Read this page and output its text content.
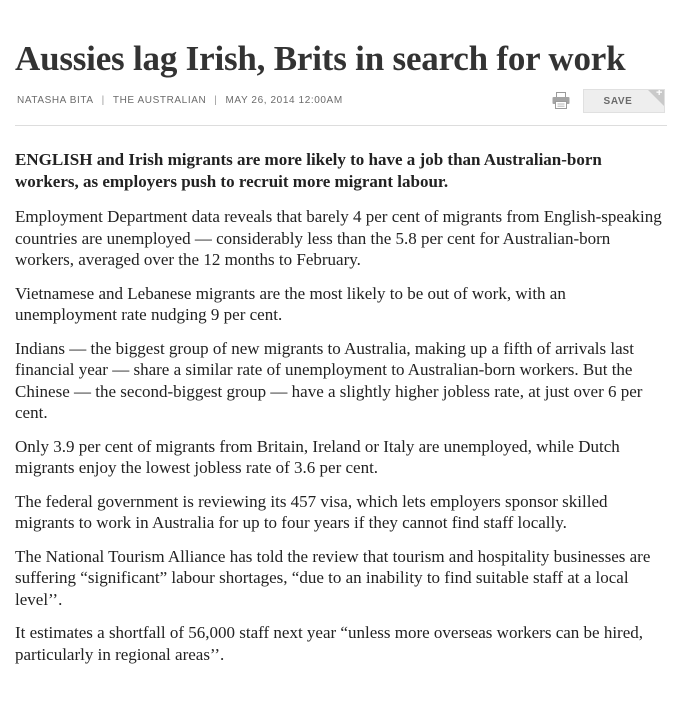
Aussies lag Irish, Brits in search for work
NATASHA BITA | THE AUSTRALIAN | MAY 26, 2014 12:00AM	SAVE
+

ENGLISH and Irish migrants are more likely to have a job than Australian-born workers, as employers push to recruit more migrant labour.

Employment Department data reveals that barely 4 per cent of migrants from English-speaking countries are unemployed — considerably less than the 5.8 per cent for Australian-born workers, averaged over the 12 months to February.

Vietnamese and Lebanese migrants are the most likely to be out of work, with an unemployment rate nudging 9 per cent.

Indians — the biggest group of new migrants to Australia, making up a fifth of arrivals last financial year — share a similar rate of unemployment to Australian-born workers. But the Chinese — the second-biggest group — have a slightly higher jobless rate, at just over 6 per cent.

Only 3.9 per cent of migrants from Britain, Ireland or Italy are unemployed, while Dutch migrants enjoy the lowest jobless rate of 3.6 per cent.

The federal government is reviewing its 457 visa, which lets employers sponsor skilled migrants to work in Australia for up to four years if they cannot find staff locally.

The National Tourism Alliance has told the review that tourism and hospitality businesses are suffering “significant” labour shortages, “due to an inability to find suitable staff at a local level’’.

It estimates a shortfall of 56,000 staff next year “unless more overseas workers can be hired, particularly in regional areas’’.
